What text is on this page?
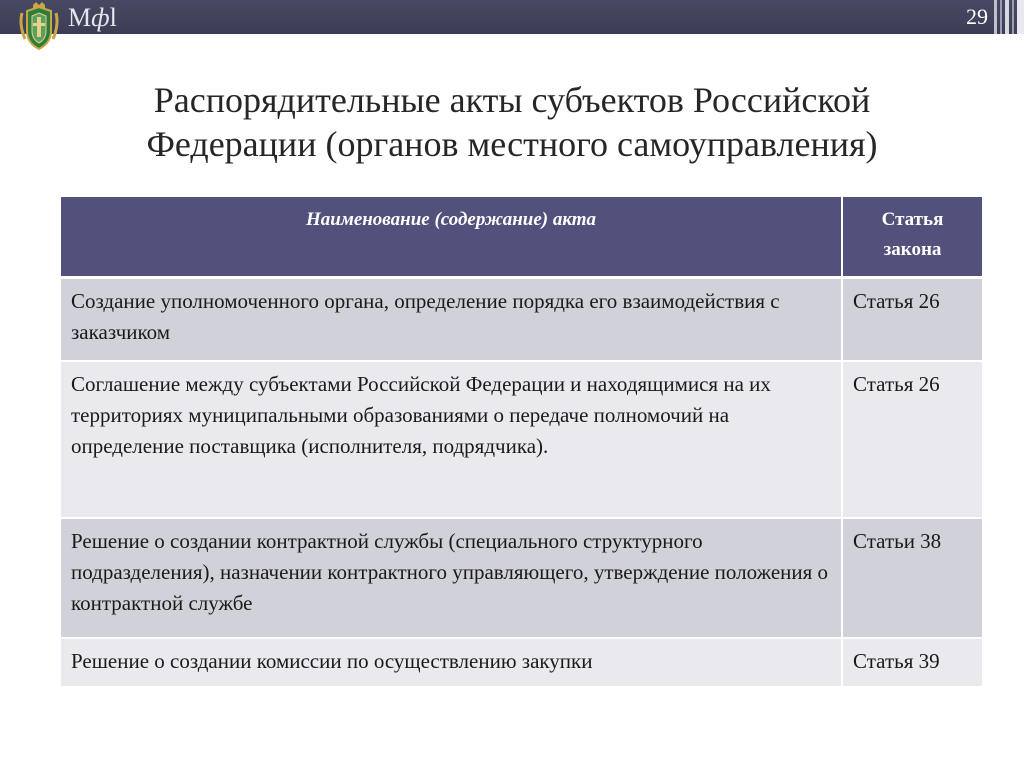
Мфl	29
Распорядительные акты субъектов Российской
Федерации (органов местного самоуправления)
Наименование (содержание) акта	Статья
закона
Создание уполномоченного органа, определение порядка его взаимодействия с заказчиком	Статья 26
Соглашение между субъектами Российской Федерации и находящимися на их территориях муниципальными образованиями о передаче полномочий на определение поставщика (исполнителя, подрядчика).	Статья 26
Решение о создании контрактной службы (специального структурного подразделения), назначении контрактного управляющего, утверждение положения о контрактной службе	Статьи 38
Решение о создании комиссии по осуществлению закупки	Статья 39
